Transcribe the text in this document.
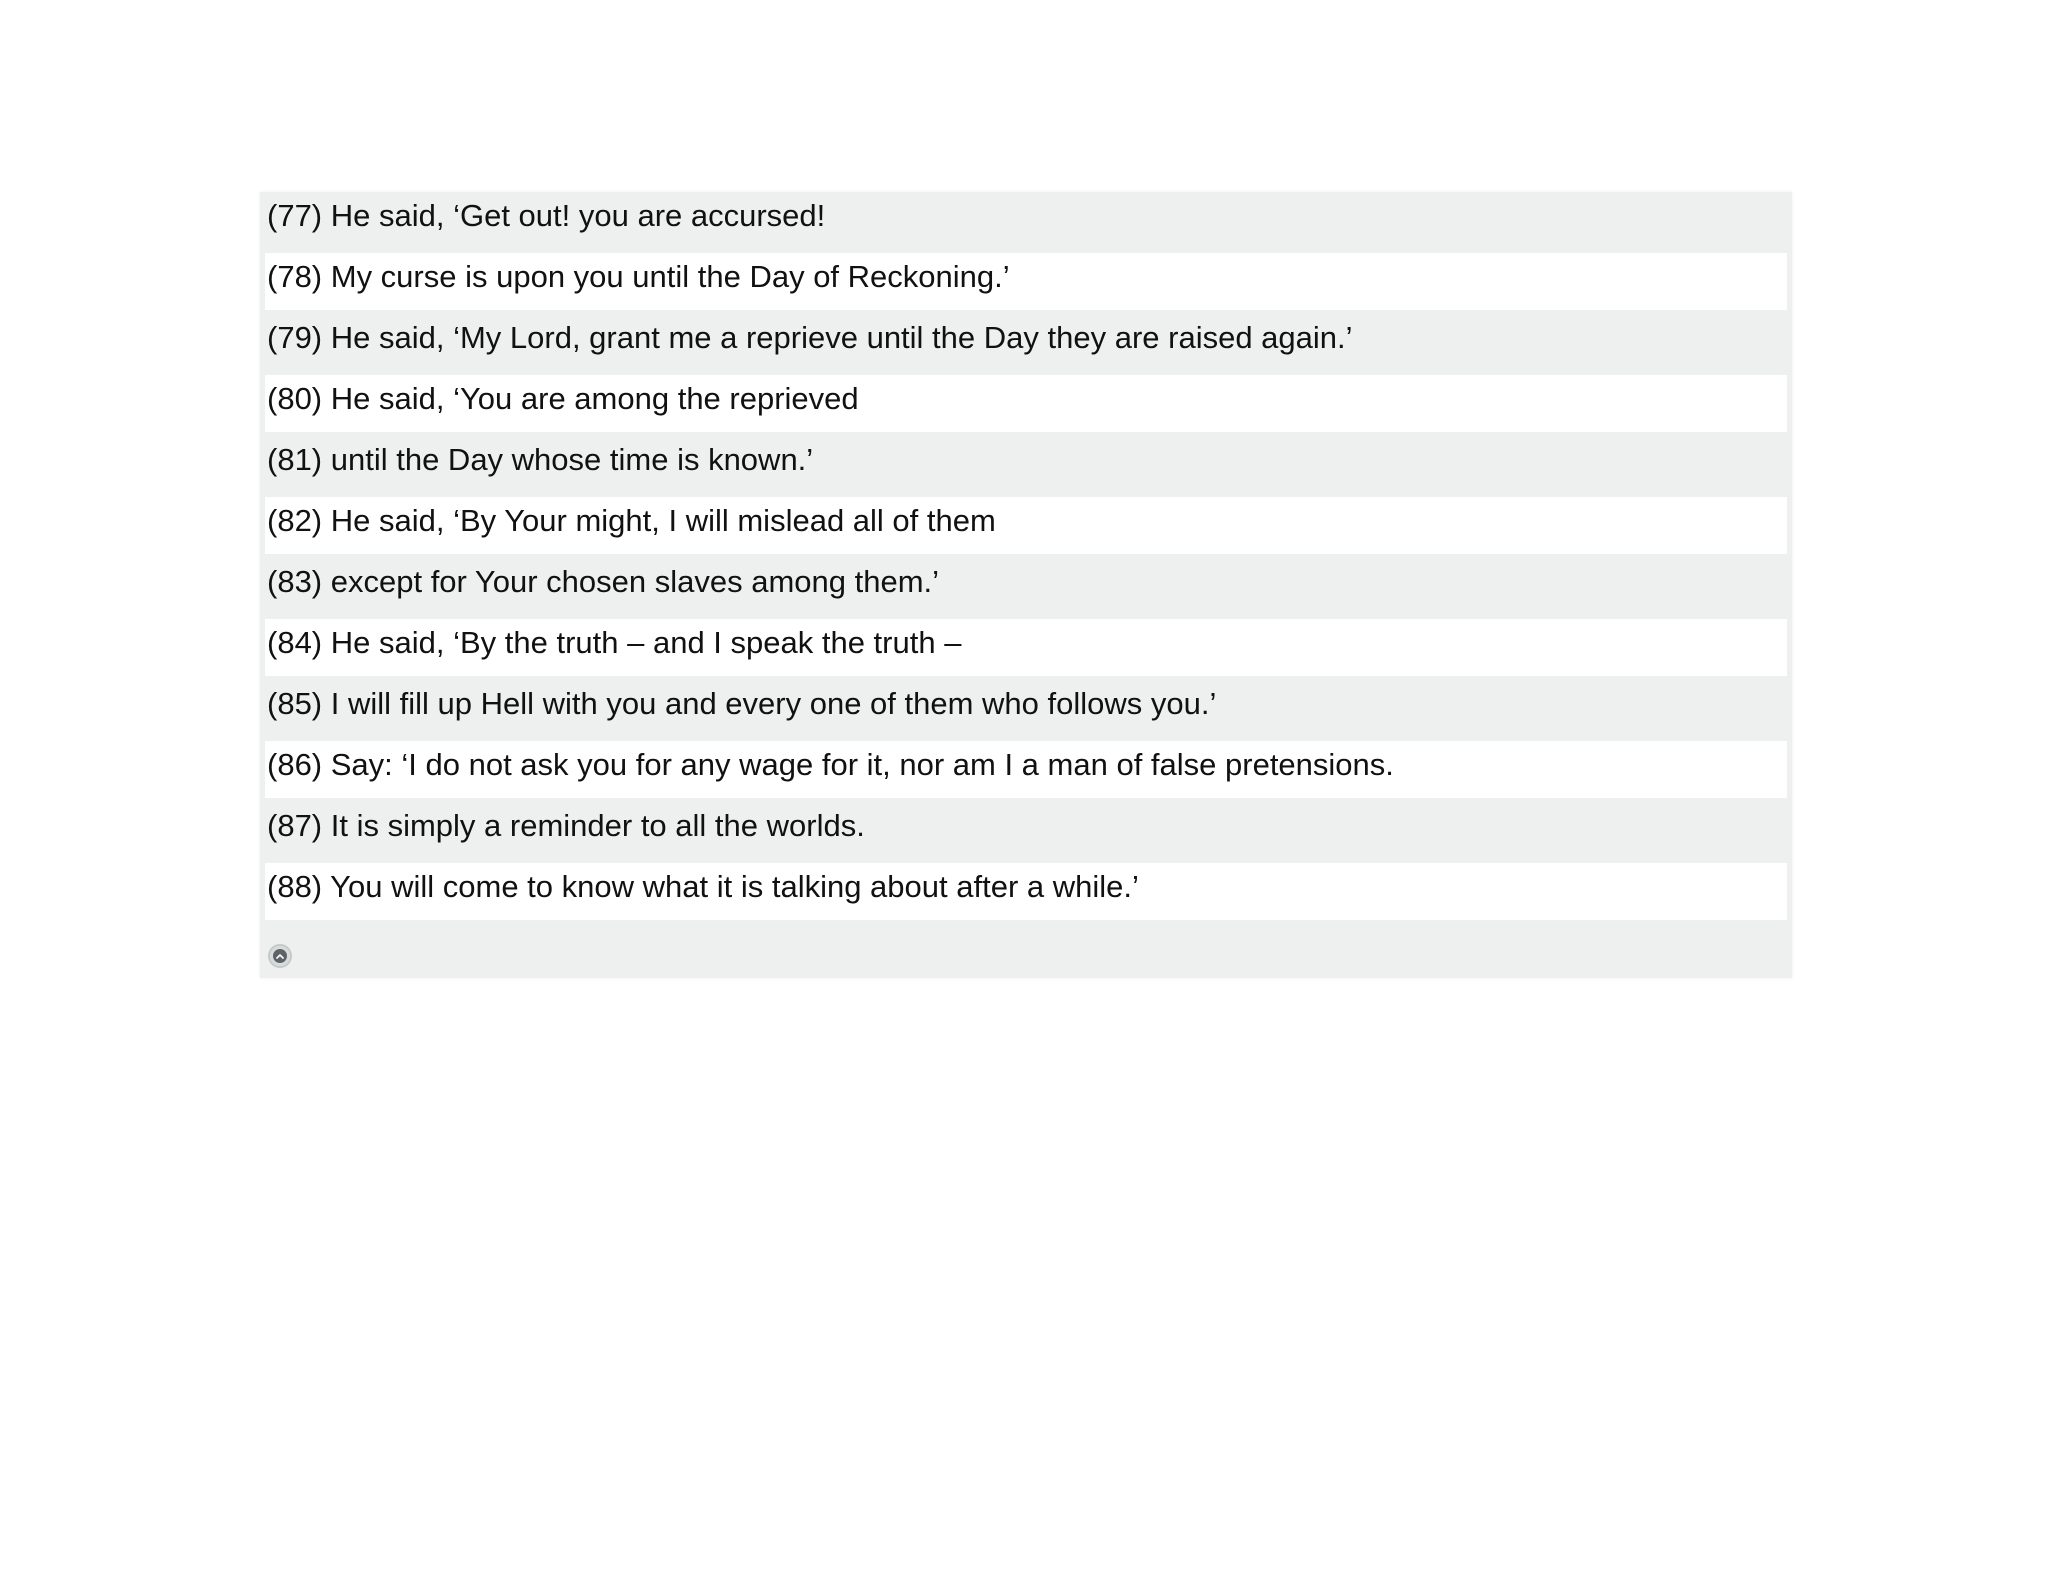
(77) He said, ‘Get out! you are accursed!
(78) My curse is upon you until the Day of Reckoning.’
(79) He said, ‘My Lord, grant me a reprieve until the Day they are raised again.’
(80) He said, ‘You are among the reprieved
(81) until the Day whose time is known.’
(82) He said, ‘By Your might, I will mislead all of them
(83) except for Your chosen slaves among them.’
(84) He said, ‘By the truth – and I speak the truth –
(85) I will fill up Hell with you and every one of them who follows you.’
(86) Say: ‘I do not ask you for any wage for it, nor am I a man of false pretensions.
(87) It is simply a reminder to all the worlds.
(88) You will come to know what it is talking about after a while.’
